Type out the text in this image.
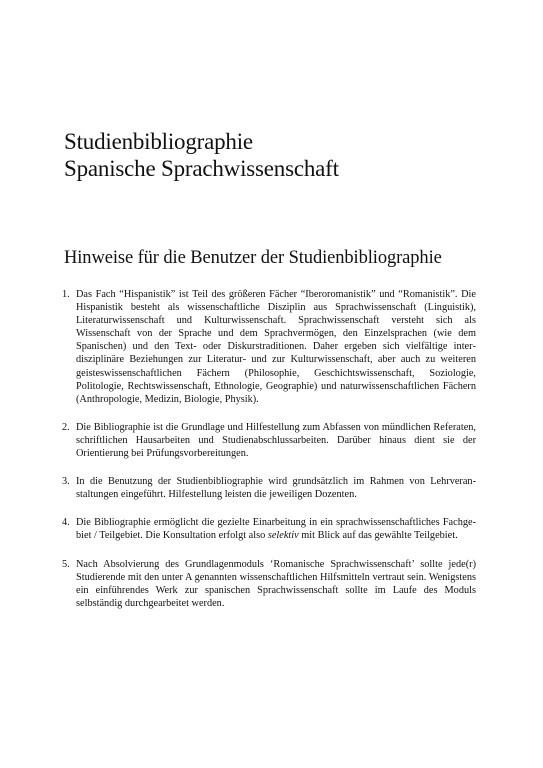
Studienbibliographie
Spanische Sprachwissenschaft
Hinweise für die Benutzer der Studienbibliographie
1. Das Fach “Hispanistik” ist Teil des größeren Fächer “Iberoromanistik” und “Romanistik”. Die Hispanistik besteht als wissenschaftliche Disziplin aus Sprachwissenschaft (Linguistik), Literaturwissenschaft und Kulturwissenschaft. Sprachwissenschaft versteht sich als Wissenschaft von der Sprache und dem Sprachvermögen, den Einzelsprachen (wie dem Spanischen) und den Text- oder Diskurstraditionen. Daher ergeben sich vielfältige interdisziplinäre Beziehungen zur Literatur- und zur Kulturwissenschaft, aber auch zu weiteren geisteswissenschaftlichen Fächern (Philosophie, Geschichtswissenschaft, Soziologie, Politologie, Rechtswissenschaft, Ethnologie, Geographie) und naturwissenschaftlichen Fächern (Anthropologie, Medizin, Biologie, Physik).
2. Die Bibliographie ist die Grundlage und Hilfestellung zum Abfassen von mündlichen Referaten, schriftlichen Hausarbeiten und Studienabschlussarbeiten. Darüber hinaus dient sie der Orientierung bei Prüfungsvorbereitungen.
3. In die Benutzung der Studienbibliographie wird grundsätzlich im Rahmen von Lehrveranstaltungen eingeführt. Hilfestellung leisten die jeweiligen Dozenten.
4. Die Bibliographie ermöglicht die gezielte Einarbeitung in ein sprachwissenschaftliches Fachgebiet / Teilgebiet. Die Konsultation erfolgt also selektiv mit Blick auf das gewählte Teilgebiet.
5. Nach Absolvierung des Grundlagenmoduls ‘Romanische Sprachwissenschaft’ sollte jede(r) Studierende mit den unter A genannten wissenschaftlichen Hilfsmitteln vertraut sein. Wenigstens ein einführendes Werk zur spanischen Sprachwissenschaft sollte im Laufe des Moduls selbständig durchgearbeitet werden.
